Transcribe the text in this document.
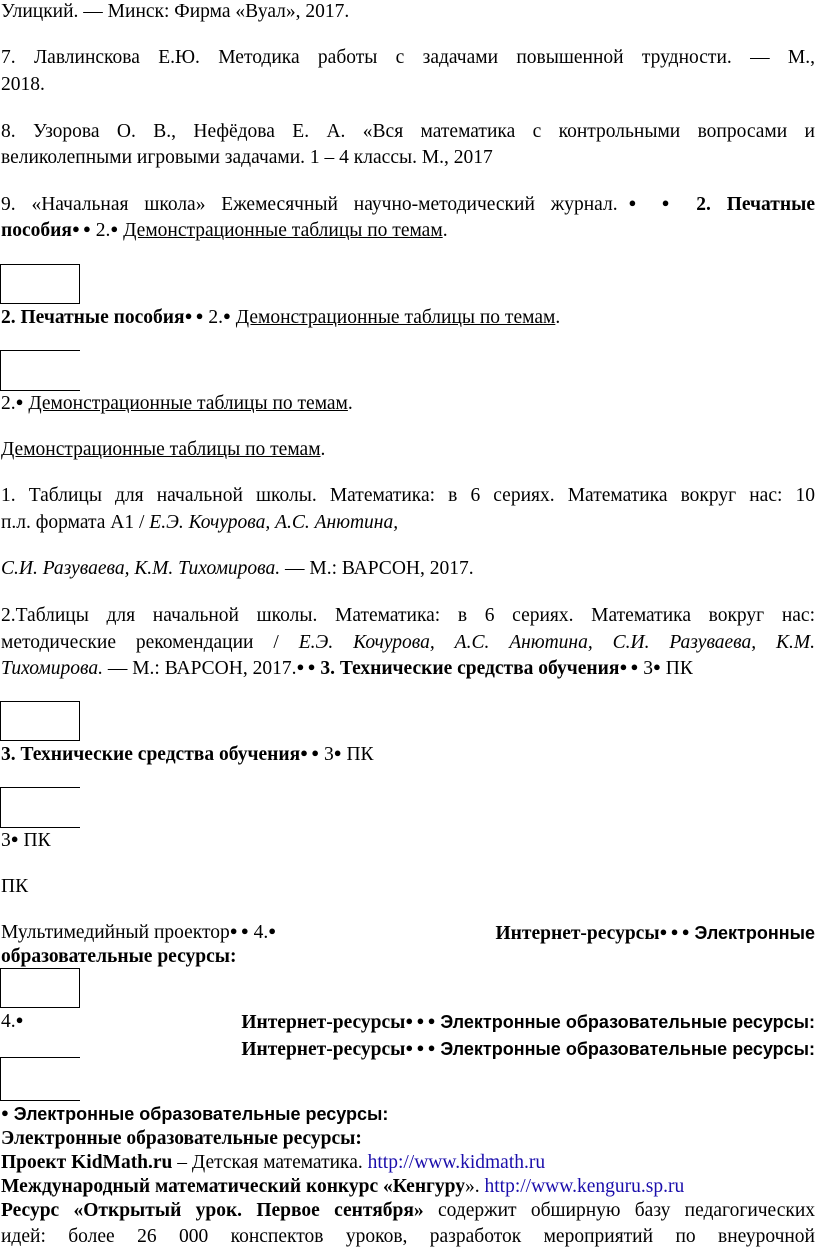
Улицкий. — Минск: Фирма «Вуал», 2017.
7. Лавлинскова Е.Ю. Методика работы с задачами повышенной трудности. — М.,
2018.
8. Узорова О. В., Нефёдова Е. А. «Вся математика с контрольными вопросами и
великолепными игровыми задачами. 1 – 4 классы. М., 2017
9. «Начальная школа» Ежемесячный научно-методический журнал.● ● 2. Печатные
пособия● ● 2.● Демонстрационные таблицы по темам.
2. Печатные пособия● ● 2.● Демонстрационные таблицы по темам.
2.● Демонстрационные таблицы по темам.
Демонстрационные таблицы по темам.
1. Таблицы для начальной школы. Математика: в 6 сериях. Математика вокруг нас: 10
п.л. формата А1 / Е.Э. Кочурова, А.С. Анютина,
С.И. Разуваева, К.М. Тихомирова. — М.: ВАРСОН, 2017.
2.Таблицы для начальной школы. Математика: в 6 сериях. Математика вокруг нас:
методические рекомендации / Е.Э. Кочурова, А.С. Анютина, С.И. Разуваева, К.М.
Тихомирова. — М.: ВАРСОН, 2017.● ● 3. Технические средства обучения● ● 3● ПК
3. Технические средства обучения● ● 3● ПК
3● ПК
ПК
Мультимедийный проектор● ● 4.●	Интернет-ресурсы● ● ● Электронные
образовательные ресурсы:
4.●	Интернет-ресурсы● ● ● Электронные образовательные ресурсы:
Интернет-ресурсы● ● ● Электронные образовательные ресурсы:
● Электронные образовательные ресурсы:
Электронные образовательные ресурсы:
Проект KidMath.ru – Детская математика. http://www.kidmath.ru
Международный математический конкурс «Кенгуру». http://www.kenguru.sp.ru
Ресурс «Открытый урок. Первое сентября» содержит обширную базу педагогических
идей: более 26 000 конспектов уроков, разработок мероприятий по внеурочной
